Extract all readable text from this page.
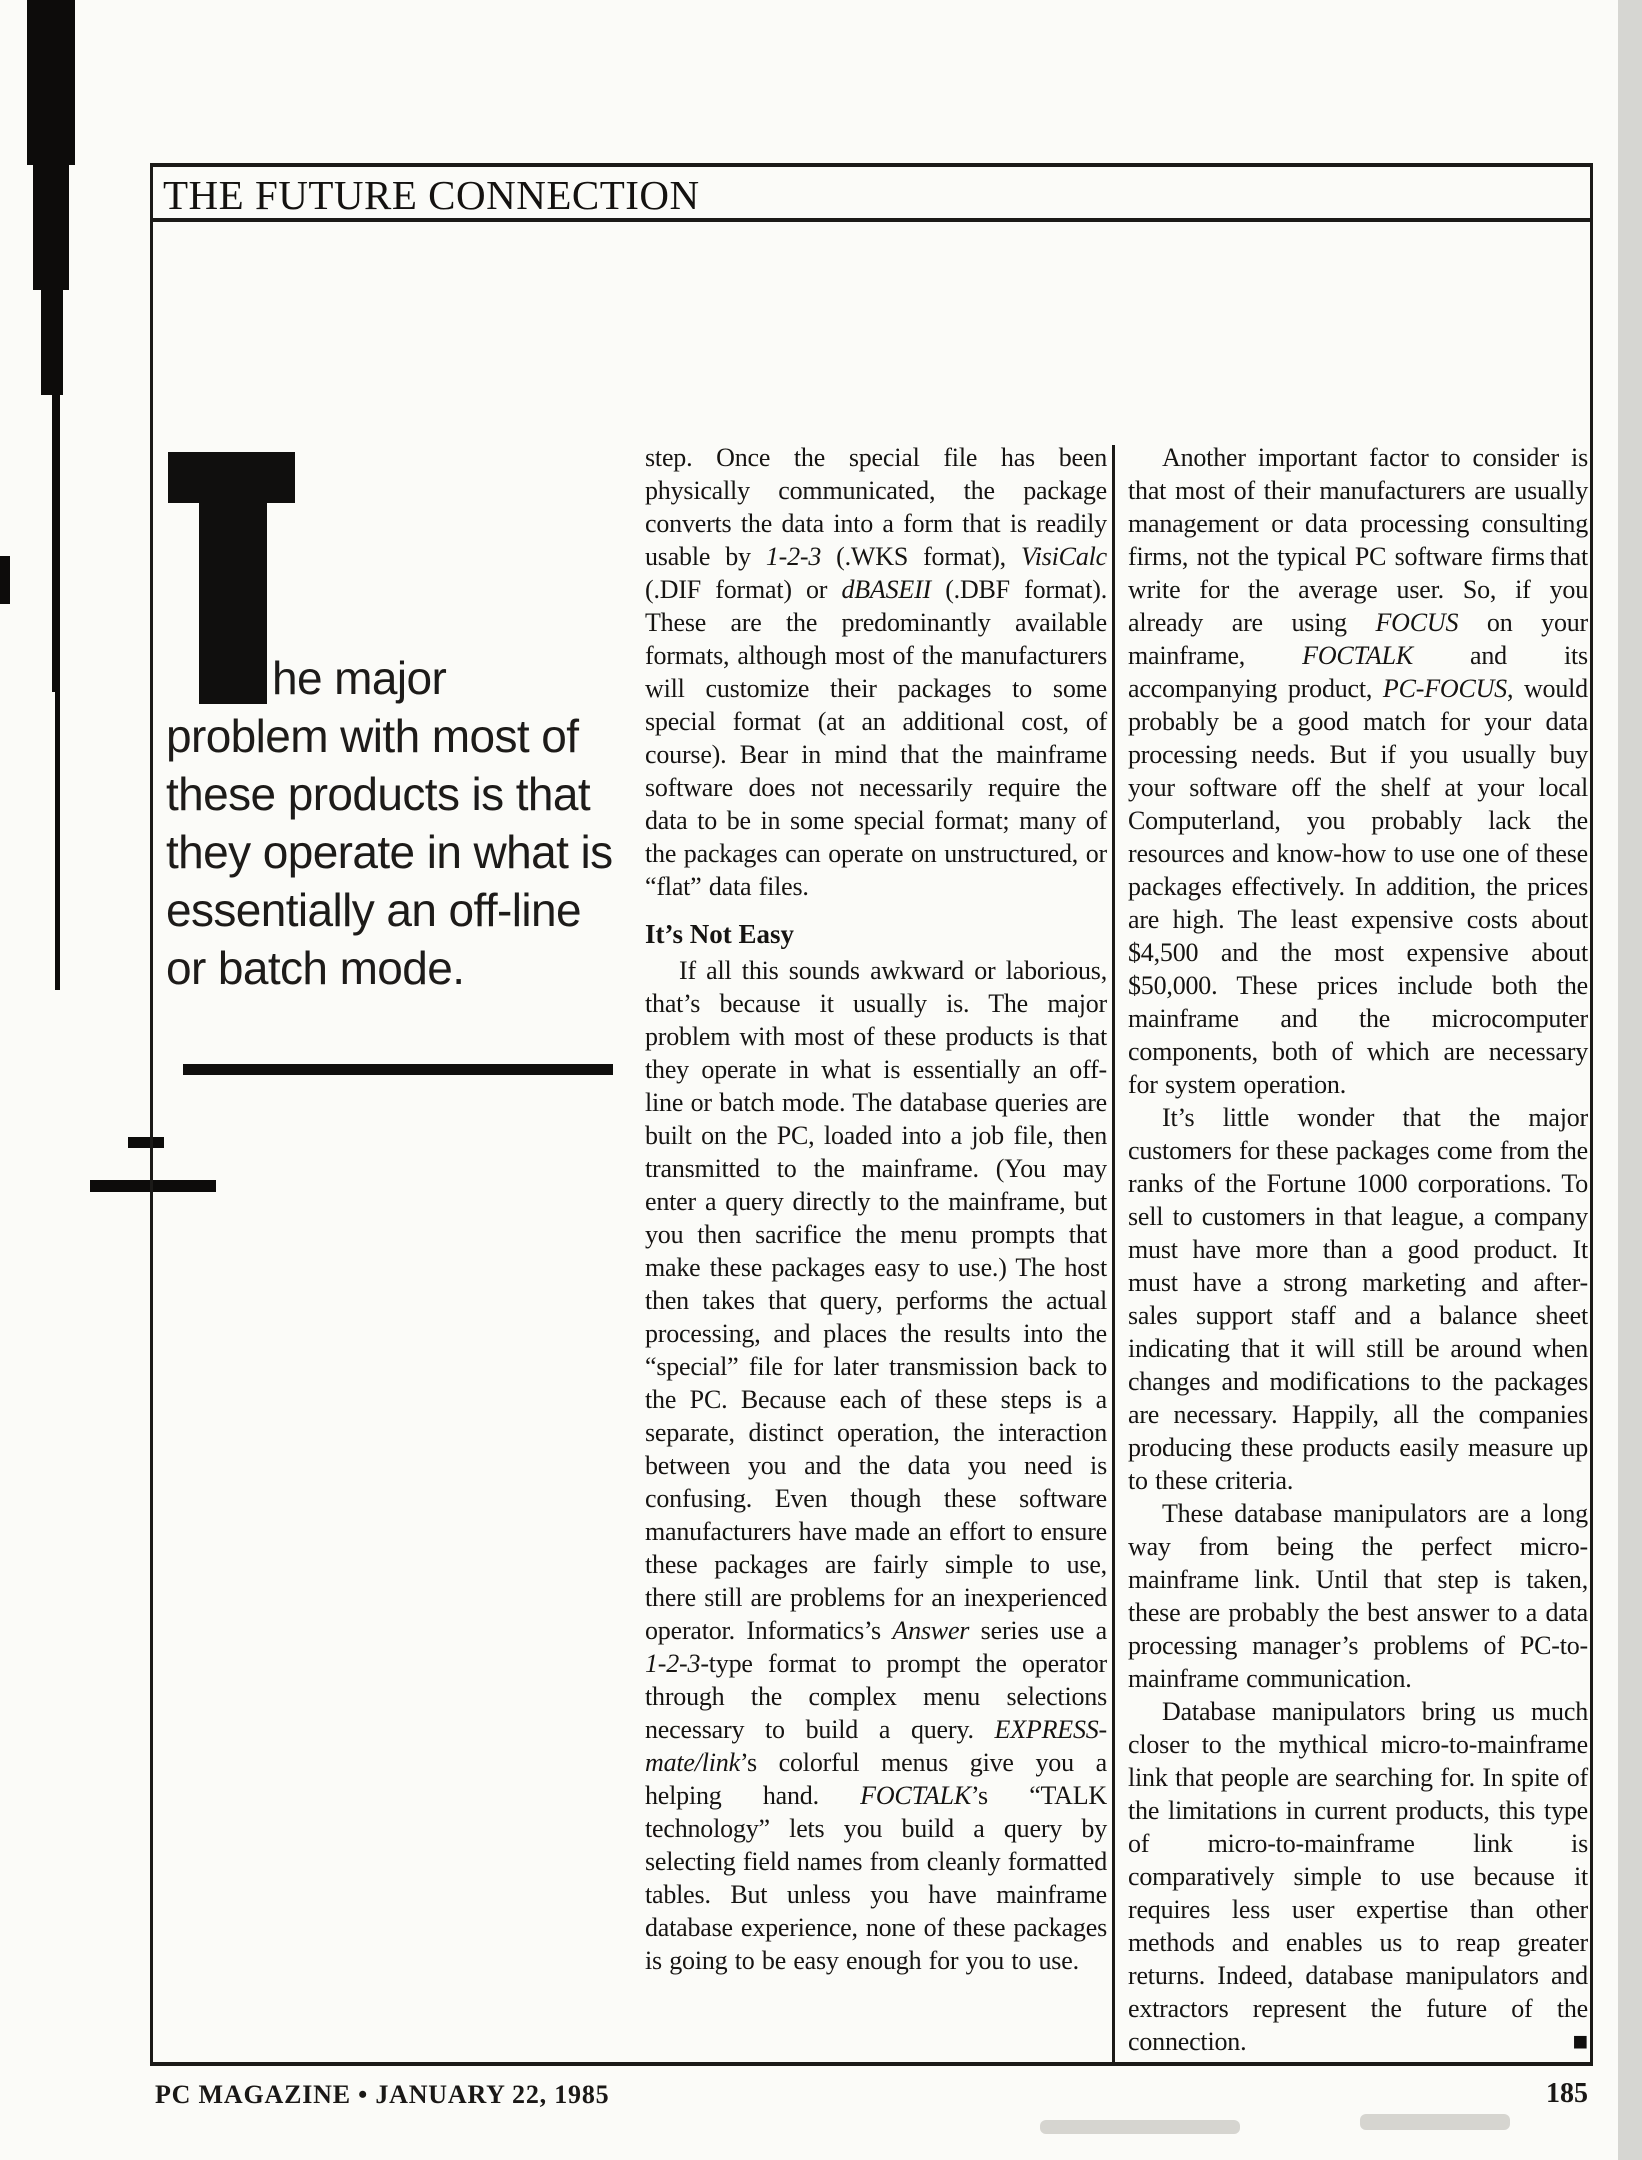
THE FUTURE CONNECTION
he major problem with most of these products is that they operate in what is essentially an off-line or batch mode.

step. Once the special file has been physically communicated, the package converts the data into a form that is readily usable by 1-2-3 (.WKS format), VisiCalc (.DIF format) or dBASEII (.DBF format). These are the predominantly available formats, although most of the manufacturers will customize their packages to some special format (at an additional cost, of course). Bear in mind that the mainframe software does not necessarily require the data to be in some special format; many of the packages can operate on unstructured, or “flat” data files.

It’s Not Easy

If all this sounds awkward or laborious, that’s because it usually is. The major problem with most of these products is that they operate in what is essentially an off-line or batch mode. The database queries are built on the PC, loaded into a job file, then transmitted to the mainframe. (You may enter a query directly to the mainframe, but you then sacrifice the menu prompts that make these packages easy to use.) The host then takes that query, performs the actual processing, and places the results into the “special” file for later transmission back to the PC. Because each of these steps is a separate, distinct operation, the interaction between you and the data you need is confusing. Even though these software manufacturers have made an effort to ensure these packages are fairly simple to use, there still are problems for an inexperienced operator. Informatics’s Answer series use a 1-2-3-type format to prompt the operator through the complex menu selections necessary to build a query. EXPRESS-mate/link’s colorful menus give you a helping hand. FOCTALK’s “TALK technology” lets you build a query by selecting field names from cleanly formatted tables. But unless you have mainframe database experience, none of these packages is going to be easy enough for you to use.

Another important factor to consider is that most of their manufacturers are usually management or data processing consulting firms, not the typical PC software firms that write for the average user. So, if you already are using FOCUS on your mainframe, FOCTALK and its accompanying product, PC-FOCUS, would probably be a good match for your data processing needs. But if you usually buy your software off the shelf at your local Computerland, you probably lack the resources and know-how to use one of these packages effectively. In addition, the prices are high. The least expensive costs about $4,500 and the most expensive about $50,000. These prices include both the mainframe and the microcomputer components, both of which are necessary for system operation.

It’s little wonder that the major customers for these packages come from the ranks of the Fortune 1000 corporations. To sell to customers in that league, a company must have more than a good product. It must have a strong marketing and after-sales support staff and a balance sheet indicating that it will still be around when changes and modifications to the packages are necessary. Happily, all the companies producing these products easily measure up to these criteria.

These database manipulators are a long way from being the perfect micro-mainframe link. Until that step is taken, these are probably the best answer to a data processing manager’s problems of PC-to-mainframe communication.

Database manipulators bring us much closer to the mythical micro-to-mainframe link that people are searching for. In spite of the limitations in current products, this type of micro-to-mainframe link is comparatively simple to use because it requires less user expertise than other methods and enables us to reap greater returns. Indeed, database manipulators and extractors represent the future of the connection.	■

PC MAGAZINE • JANUARY 22, 1985	185
